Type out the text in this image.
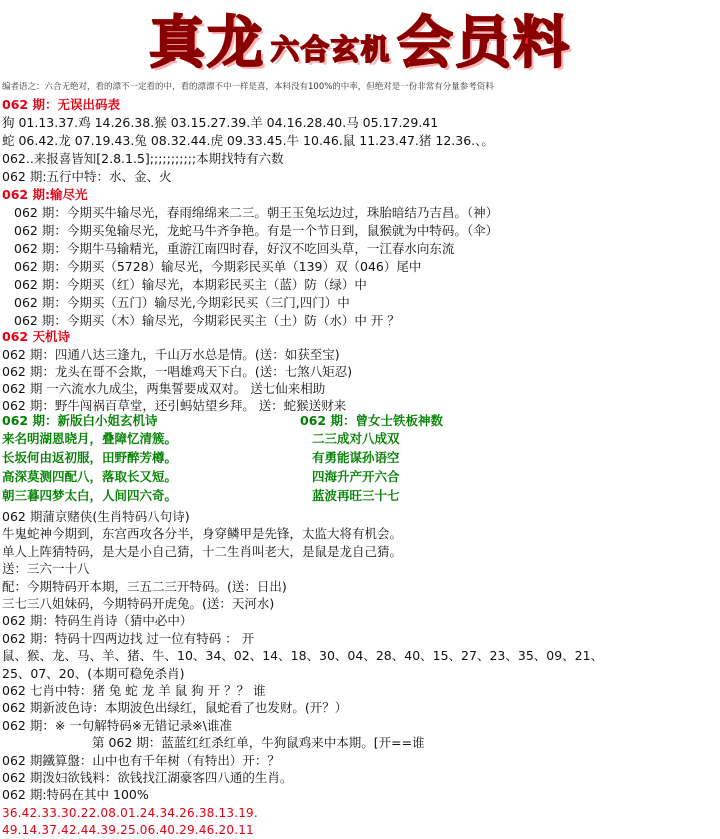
真龙 六合玄机 会员料
编者语之：六合无绝对，看的漂不一定看的中，看的漂漂不中一样是喜，本料没有100%的中率，但绝对是一份非常有分量参考资料
062 期：无误出码表
狗 01.13.37.鸡 14.26.38.猴 03.15.27.39.羊 04.16.28.40.马 05.17.29.41
蛇 06.42.龙 07.19.43.兔 08.32.44.虎 09.33.45.牛 10.46.鼠 11.23.47.猪 12.36.、。
062..来报喜皆知[2.8.1.5];;;;;;;;;;;本期找特有六数
062 期:五行中特：水、金、火
062 期:输尽光
062 期：今期买牛输尽光，春雨绵绵来二三。朝王玉兔坛边过，珠胎暗结乃吉昌。（神）
062 期：今期买兔输尽光，龙蛇马牛齐争艳。有是一个节日到，鼠猴就为中特码。（伞）
062 期：今期牛马输精光，重游江南四时春，好汉不吃回头草，一江春水向东流
062 期：今期买（5728）输尽光，今期彩民买单（139）双（046）尾中
062 期：今期买（红）输尽光，本期彩民买主（蓝）防（绿）中
062 期：今期买（五门）输尽光,今期彩民买（三门,四门）中
062 期：今期买（木）输尽光，今期彩民买主（土）防（水）中 开 ？
062 天机诗
062 期：四通八达三逢九，千山万水总是情。(送：如获至宝)
062 期：龙头在哥不会欺，一唱雄鸡天下白。(送：七煞八矩忍)
062 期 一六流水九成尘，两集誓要成双对。 送七仙来相助
062 期：野牛闯祸百草堂，还引蚂姑望乡拜。 送：蛇猴送财来
062 期：新版白小姐玄机诗
来名明湖恩晓月，叠障忆清簇。
长坂何由返初服，田野醉芳樽。
高深莫测四配八，落取长又短。
朝三暮四梦太白，人间四六奇。
062 期：曾女士铁板神数
二三成对八成双
有勇能谋孙语空
四海升产开六合
蓝波再旺三十七
062 期蒲京赌侠(生肖特码八句诗)
牛鬼蛇神今期到，东宫西攻各分半，身穿鳞甲是先锋，太监大将有机会。
单人上阵猜特码，是大是小自己猜，十二生肖叫老大，是鼠是龙自己猜。
送：三六一十八
配：今期特码开本期，三五二三开特码。(送：日出)
三七三八姐妹码，今期特码开虎兔。(送：天河水)
062 期：特码生肖诗（猜中必中）
062 期：特码十四两边找 过一位有特码 ： 开
鼠、猴、龙、马、羊、猪、牛、10、34、02、14、18、30、04、28、40、15、27、23、35、09、21、
25、07、20、(本期可稳免杀肖)
062 七肖中特：猪 兔 蛇 龙 羊 鼠 狗 开 ？？ 谁
062 期新波色诗：本期波色出绿红，鼠蛇看了也发财。(开？）
062 期：※ 一句解特码※无错记录※\谁准
第 062 期：蓝蓝红红杀红单，牛狗鼠鸡来中本期。[开==谁
062 期鐵算盤：山中也有千年树（有特出）开：？
062 期泼妇欲钱料：欲钱找江湖豪客四八通的生肖。
062 期:特码在其中 100%
36.42.33.30.22.08.01.24.34.26.38.13.19.
49.14.37.42.44.39.25.06.40.29.46.20.11
